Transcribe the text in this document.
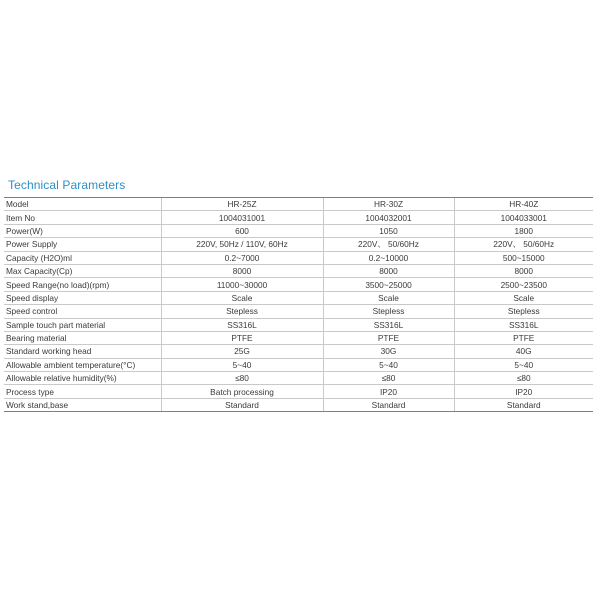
Technical Parameters
Model	HR-25Z	HR-30Z	HR-40Z
Item No	1004031001	1004032001	1004033001
Power(W)	600	1050	1800
Power Supply	220V, 50Hz / 110V, 60Hz	220V、 50/60Hz	220V、 50/60Hz
Capacity (H2O)ml	0.2~7000	0.2~10000	500~15000
Max Capacity(Cp)	8000	8000	8000
Speed Range(no load)(rpm)	11000~30000	3500~25000	2500~23500
Speed display	Scale	Scale	Scale
Speed control	Stepless	Stepless	Stepless
Sample touch part material	SS316L	SS316L	SS316L
Bearing material	PTFE	PTFE	PTFE
Standard working head	25G	30G	40G
Allowable ambient temperature(°C)	5~40	5~40	5~40
Allowable relative humidity(%)	≤80	≤80	≤80
Process type	Batch processing	IP20	IP20
Work stand,base	Standard	Standard	Standard
